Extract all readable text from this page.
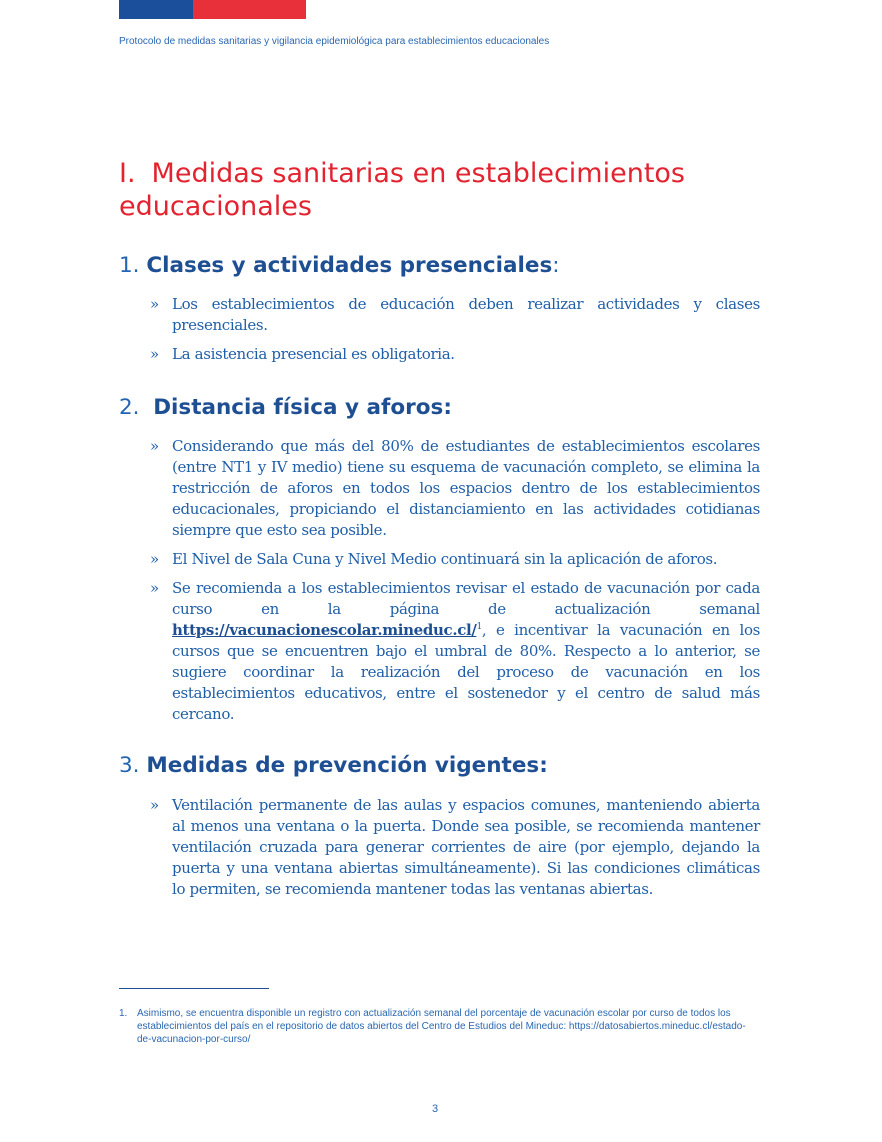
Protocolo de medidas sanitarias y vigilancia epidemiológica para establecimientos educacionales
I. Medidas sanitarias en establecimientos educacionales
1. Clases y actividades presenciales:
» Los establecimientos de educación deben realizar actividades y clases presenciales.
» La asistencia presencial es obligatoria.
2. Distancia física y aforos:
» Considerando que más del 80% de estudiantes de establecimientos escolares (entre NT1 y IV medio) tiene su esquema de vacunación completo, se elimina la restricción de aforos en todos los espacios dentro de los establecimientos educacionales, propiciando el distanciamiento en las actividades cotidianas siempre que esto sea posible.
» El Nivel de Sala Cuna y Nivel Medio continuará sin la aplicación de aforos.
» Se recomienda a los establecimientos revisar el estado de vacunación por cada curso en la página de actualización semanal https://vacunacionescolar.mineduc.cl/$^1$, e incentivar la vacunación en los cursos que se encuentren bajo el umbral de 80%. Respecto a lo anterior, se sugiere coordinar la realización del proceso de vacunación en los establecimientos educativos, entre el sostenedor y el centro de salud más cercano.
3. Medidas de prevención vigentes:
» Ventilación permanente de las aulas y espacios comunes, manteniendo abierta al menos una ventana o la puerta. Donde sea posible, se recomienda mantener ventilación cruzada para generar corrientes de aire (por ejemplo, dejando la puerta y una ventana abiertas simultáneamente). Si las condiciones climáticas lo permiten, se recomienda mantener todas las ventanas abiertas.
1. Asimismo, se encuentra disponible un registro con actualización semanal del porcentaje de vacunación escolar por curso de todos los establecimientos del país en el repositorio de datos abiertos del Centro de Estudios del Mineduc: https://datosabiertos.mineduc.cl/estado-de-vacunacion-por-curso/
3
